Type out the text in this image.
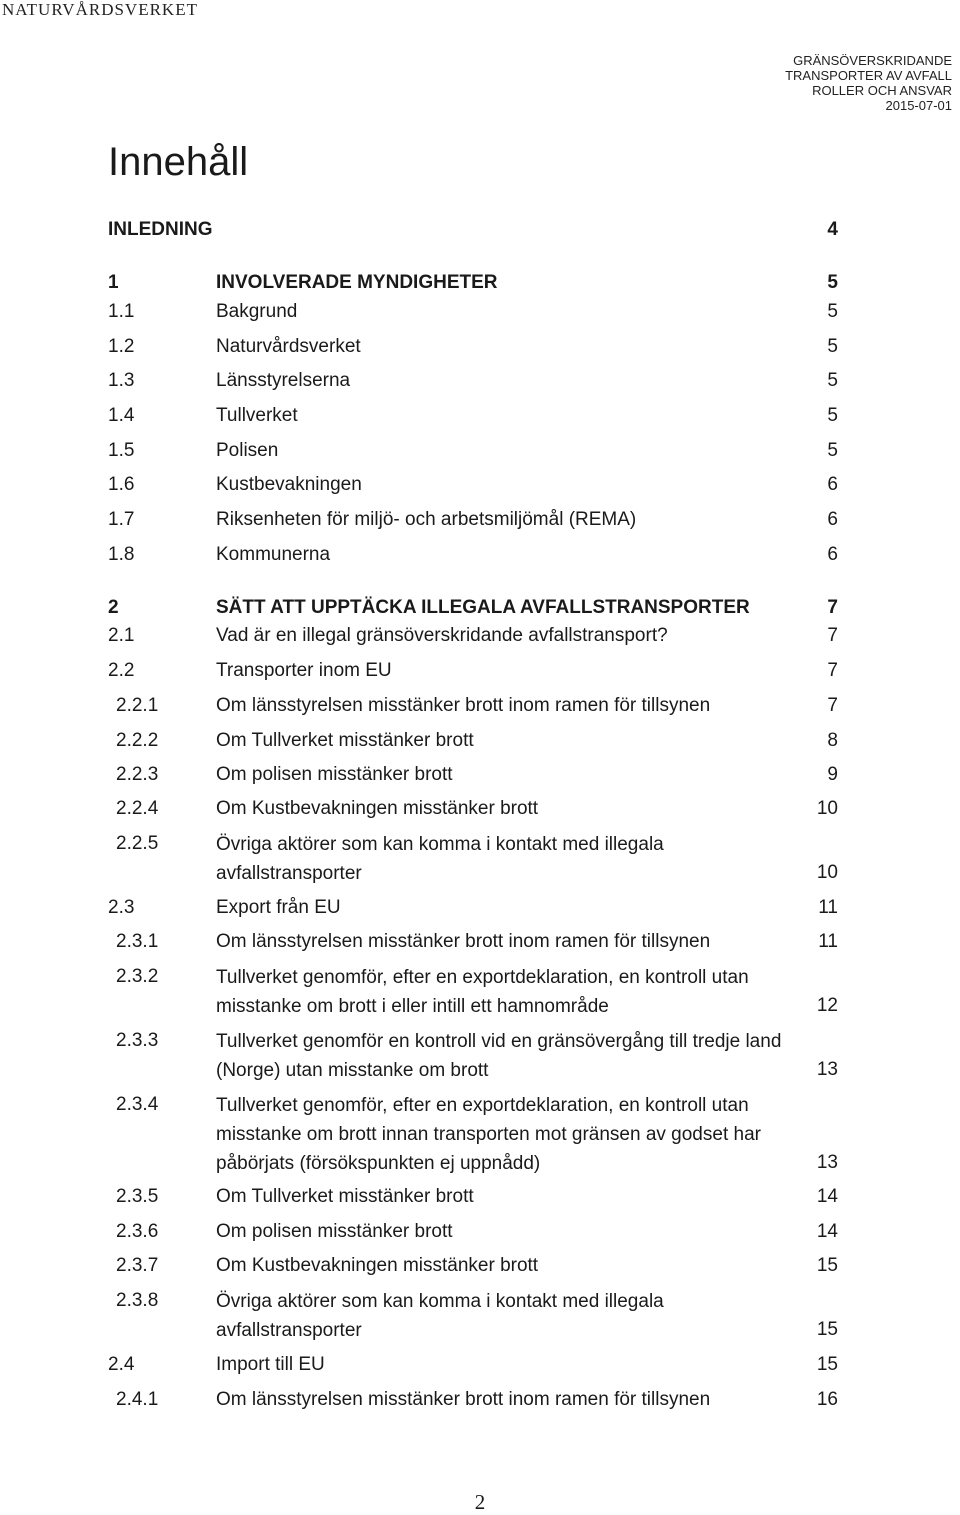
NATURVÅRDSVERKET
GRÄNSÖVERSKRIDANDE
TRANSPORTER AV AVFALL
ROLLER OCH ANSVAR
2015-07-01
Innehåll
INLEDNING	4
1	INVOLVERADE MYNDIGHETER	5
1.1	Bakgrund	5
1.2	Naturvårdsverket	5
1.3	Länsstyrelserna	5
1.4	Tullverket	5
1.5	Polisen	5
1.6	Kustbevakningen	6
1.7	Riksenheten för miljö- och arbetsmiljömål (REMA)	6
1.8	Kommunerna	6
2	SÄTT ATT UPPTÄCKA ILLEGALA AVFALLSTRANSPORTER	7
2.1	Vad är en illegal gränsöverskridande avfallstransport?	7
2.2	Transporter inom EU	7
2.2.1	Om länsstyrelsen misstänker brott inom ramen för tillsynen	7
2.2.2	Om Tullverket misstänker brott	8
2.2.3	Om polisen misstänker brott	9
2.2.4	Om Kustbevakningen misstänker brott	10
2.2.5	Övriga aktörer som kan komma i kontakt med illegala avfallstransporter	10
2.3	Export från EU	11
2.3.1	Om länsstyrelsen misstänker brott inom ramen för tillsynen	11
2.3.2	Tullverket genomför, efter en exportdeklaration, en kontroll utan misstanke om brott i eller intill ett hamnområde	12
2.3.3	Tullverket genomför en kontroll vid en gränsövergång till tredje land (Norge) utan misstanke om brott	13
2.3.4	Tullverket genomför, efter en exportdeklaration, en kontroll utan misstanke om brott innan transporten mot gränsen av godset har påbörjats (försökspunkten ej uppnådd)	13
2.3.5	Om Tullverket misstänker brott	14
2.3.6	Om polisen misstänker brott	14
2.3.7	Om Kustbevakningen misstänker brott	15
2.3.8	Övriga aktörer som kan komma i kontakt med illegala avfallstransporter	15
2.4	Import till EU	15
2.4.1	Om länsstyrelsen misstänker brott inom ramen för tillsynen	16
2
